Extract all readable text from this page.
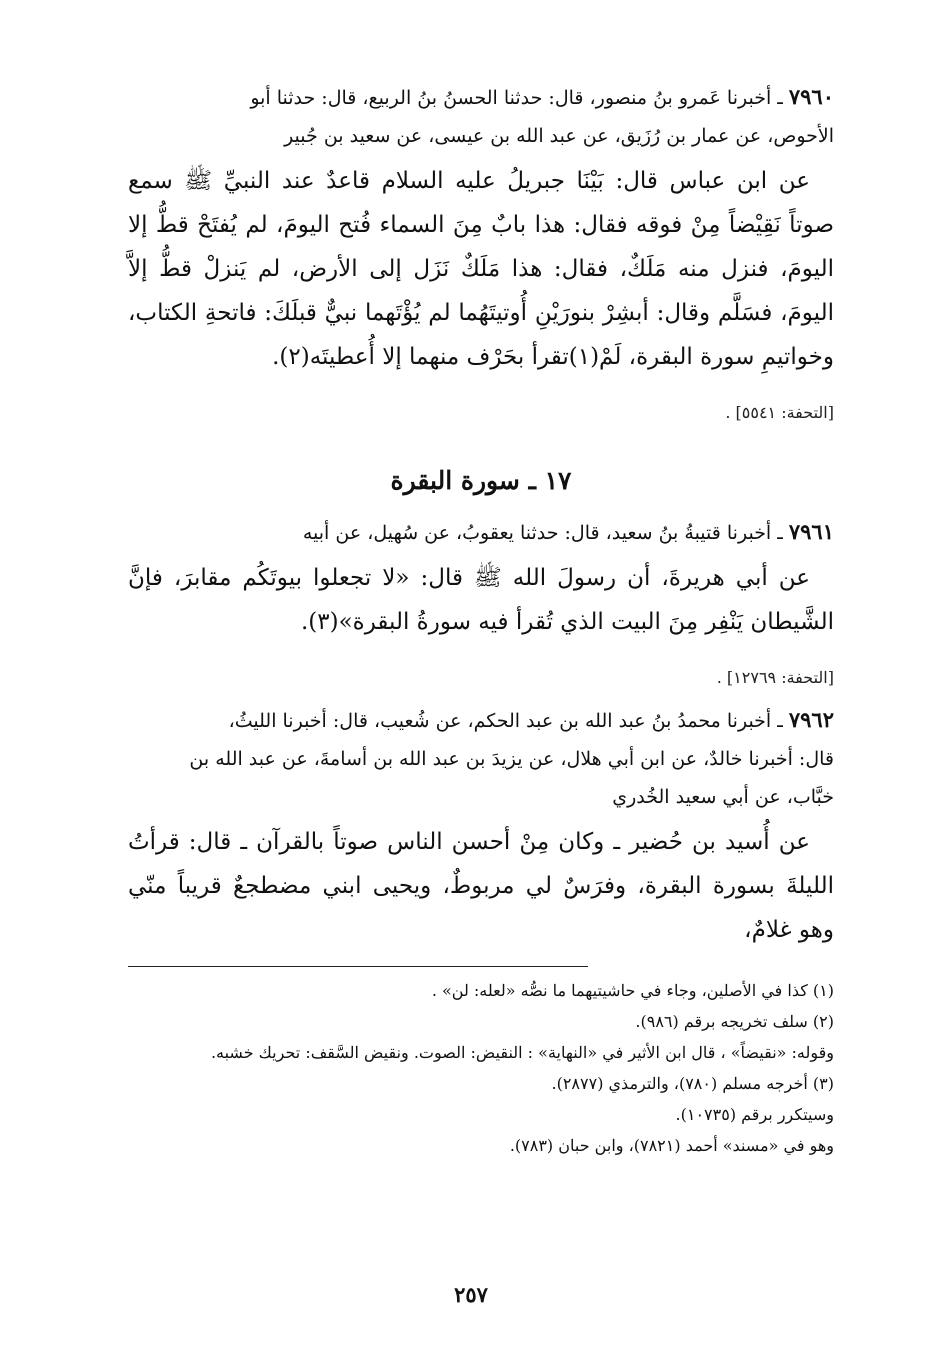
٧٩٦٠ ـ أخبرنا عَمرو بنُ منصور، قال: حدثنا الحسنُ بنُ الربيع، قال: حدثنا أبو

الأحوص، عن عمار بن رُزَيق، عن عبد الله بن عيسى، عن سعيد بن جُبير

عن ابن عباس قال: بَيْنَا جبريلُ عليه السلام قاعدٌ عند النبيِّ ﷺ سمع صوتاً نَقِيْضاً مِنْ فوقه فقال: هذا بابٌ مِنَ السماء فُتح اليومَ، لم يُفتَحْ قطُّ إلا اليومَ، فنزل منه مَلَكٌ، فقال: هذا مَلَكٌ نَزَل إلى الأرض، لم يَنزلْ قطُّ إلاَّ اليومَ، فسَلَّم وقال: أبشِرْ بنورَيْنِ أُوتيتَهُما لم يُؤْتَهما نبيٌّ قبلَكَ: فاتحةِ الكتاب، وخواتيمِ سورة البقرة، لَمْ(١)تقرأ بحَرْف منهما إلا أُعطيتَه(٢).

[التحفة: ٥٥٤١] .

١٧ ـ سورة البقرة

٧٩٦١ ـ أخبرنا قتيبةُ بنُ سعيد، قال: حدثنا يعقوبُ، عن سُهيل، عن أبيه

عن أبي هريرةَ، أن رسولَ الله ﷺ قال: «لا تجعلوا بيوتَكُم مقابرَ، فإنَّ الشَّيطان يَنْفِر مِنَ البيت الذي تُقرأ فيه سورةُ البقرة»(٣).

[التحفة: ١٢٧٦٩] .

٧٩٦٢ ـ أخبرنا محمدُ بنُ عبد الله بن عبد الحكم، عن شُعيب، قال: أخبرنا الليثُ،

قال: أخبرنا خالدٌ، عن ابن أبي هلال، عن يزيدَ بن عبد الله بن أسامةَ، عن عبد الله بن

خبَّاب، عن أبي سعيد الخُدري

عن أُسيد بن حُضير ـ وكان مِنْ أحسن الناس صوتاً بالقرآن ـ قال: قرأتُ الليلةَ بسورة البقرة، وفرَسٌ لي مربوطٌ، ويحيى ابني مضطجعٌ قريباً منّي وهو غلامٌ،

(١) كذا في الأصلين، وجاء في حاشيتيهما ما نصُّه «لعله: لن» .

(٢) سلف تخريجه برقم (٩٨٦).

وقوله: «نقيضاً» ، قال ابن الأثير في «النهاية» : النقيض: الصوت. ونقيض السَّقف: تحريك خشبه.

(٣) أخرجه مسلم (٧٨٠)، والترمذي (٢٨٧٧).

وسيتكرر برقم (١٠٧٣٥).

وهو في «مسند» أحمد (٧٨٢١)، وابن حبان (٧٨٣).

٢٥٧
